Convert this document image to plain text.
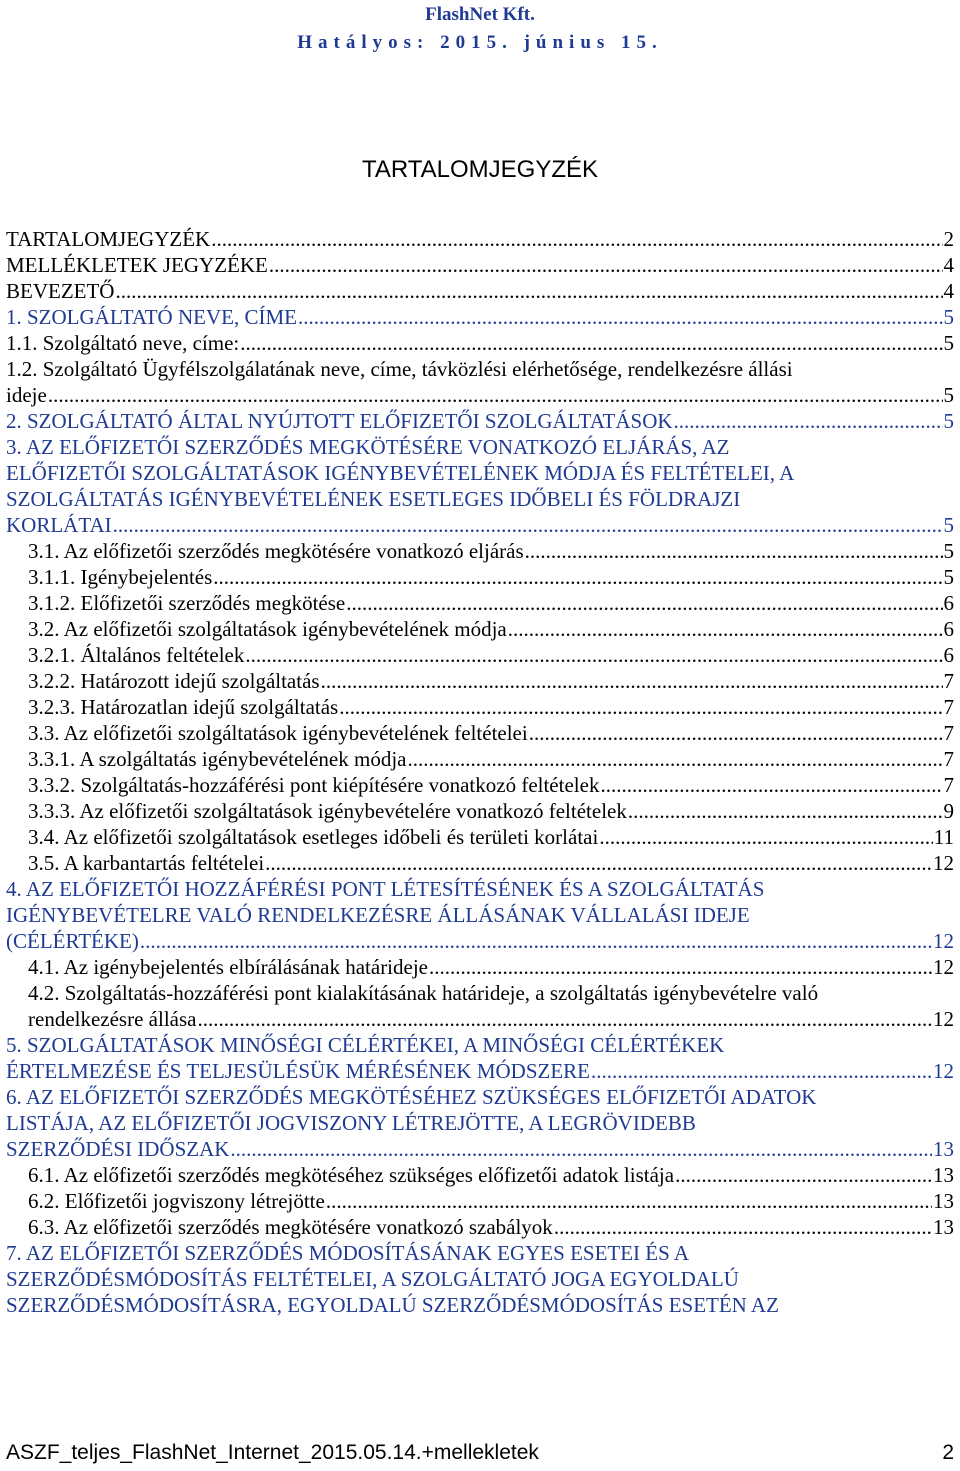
FlashNet Kft.
Hatályos: 2015. június 15.
TARTALOMJEGYZÉK
TARTALOMJEGYZÉK .....	2
MELLÉKLETEK JEGYZÉKE .....	4
BEVEZETŐ .....	4
1. SZOLGÁLTATÓ NEVE, CÍME .....	5
1.1. Szolgáltató neve, címe: .....	5
1.2. Szolgáltató Ügyfélszolgálatának neve, címe, távközlési elérhetősége, rendelkezésre állási
ideje .....	5
2. SZOLGÁLTATÓ ÁLTAL NYÚJTOTT ELŐFIZETŐI SZOLGÁLTATÁSOK .....	5
3. AZ ELŐFIZETŐI SZERZŐDÉS MEGKÖTÉSÉRE VONATKOZÓ ELJÁRÁS, AZ
ELŐFIZETŐI SZOLGÁLTATÁSOK IGÉNYBEVÉTELÉNEK MÓDJA ÉS FELTÉTELEI, A
SZOLGÁLTATÁS IGÉNYBEVÉTELÉNEK ESETLEGES IDŐBELI ÉS FÖLDRAJZI
KORLÁTAI .....	5
3.1. Az előfizetői szerződés megkötésére vonatkozó eljárás .....	5
3.1.1. Igénybejelentés .....	5
3.1.2. Előfizetői szerződés megkötése .....	6
3.2. Az előfizetői szolgáltatások igénybevételének módja .....	6
3.2.1. Általános feltételek .....	6
3.2.2. Határozott idejű szolgáltatás .....	7
3.2.3. Határozatlan idejű szolgáltatás .....	7
3.3. Az előfizetői szolgáltatások igénybevételének feltételei .....	7
3.3.1. A szolgáltatás igénybevételének módja .....	7
3.3.2. Szolgáltatás-hozzáférési pont kiépítésére vonatkozó feltételek .....	7
3.3.3. Az előfizetői szolgáltatások igénybevételére vonatkozó feltételek .....	9
3.4. Az előfizetői szolgáltatások esetleges időbeli és területi korlátai .....	11
3.5. A karbantartás feltételei .....	12
4. AZ ELŐFIZETŐI HOZZÁFÉRÉSI PONT LÉTESÍTÉSÉNEK ÉS A SZOLGÁLTATÁS
IGÉNYBEVÉTELRE VALÓ RENDELKEZÉSRE ÁLLÁSÁNAK VÁLLALÁSI IDEJE
(CÉLÉRTÉKE) .....	12
4.1. Az igénybejelentés elbírálásának határideje .....	12
4.2. Szolgáltatás-hozzáférési pont kialakításának határideje, a szolgáltatás igénybevételre való
rendelkezésre állása .....	12
5. SZOLGÁLTATÁSOK MINŐSÉGI CÉLÉRTÉKEI, A MINŐSÉGI CÉLÉRTÉKEK
ÉRTELMEZÉSE ÉS TELJESÜLÉSÜK MÉRÉSÉNEK MÓDSZERE .....	12
6. AZ ELŐFIZETŐI SZERZŐDÉS MEGKÖTÉSÉHEZ SZÜKSÉGES ELŐFIZETŐI ADATOK
LISTÁJA, AZ ELŐFIZETŐI JOGVISZONY LÉTREJÖTTE, A LEGRÖVIDEBB
SZERZŐDÉSI IDŐSZAK .....	13
6.1. Az előfizetői szerződés megkötéséhez szükséges előfizetői adatok listája .....	13
6.2. Előfizetői jogviszony létrejötte .....	13
6.3. Az előfizetői szerződés megkötésére vonatkozó szabályok .....	13
7. AZ ELŐFIZETŐI SZERZŐDÉS MÓDOSÍTÁSÁNAK EGYES ESETEI ÉS A
SZERZŐDÉSMÓDOSÍTÁS FELTÉTELEI, A SZOLGÁLTATÓ JOGA EGYOLDALÚ
SZERZŐDÉSMÓDOSÍTÁSRA, EGYOLDALÚ SZERZŐDÉSMÓDOSÍTÁS ESETÉN AZ
ASZF_teljes_FlashNet_Internet_2015.05.14.+mellekletek	2
